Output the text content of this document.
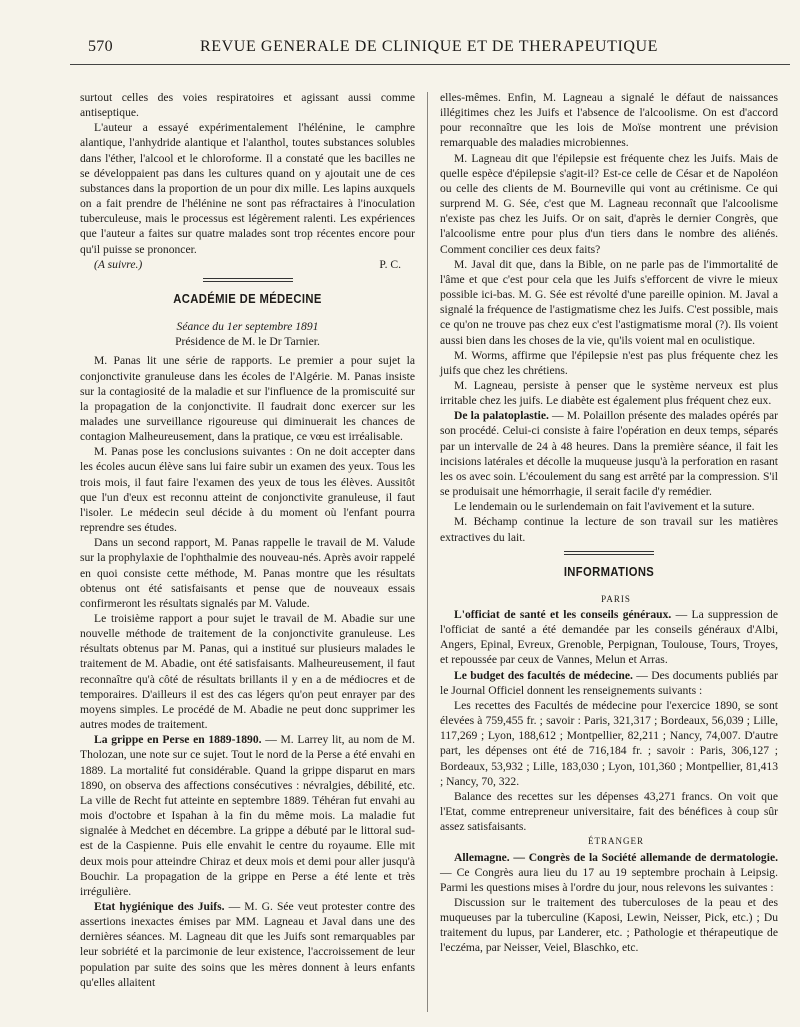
570	REVUE GENERALE DE CLINIQUE ET DE THERAPEUTIQUE

surtout celles des voies respiratoires et agissant aussi comme antiseptique.

L'auteur a essayé expérimentalement l'hélénine, le camphre alantique, l'anhydride alantique et l'alanthol, toutes substances solubles dans l'éther, l'alcool et le chloroforme. Il a constaté que les bacilles ne se développaient pas dans les cultures quand on y ajoutait une de ces substances dans la proportion de un pour dix mille. Les lapins auxquels on a fait prendre de l'hélénine ne sont pas réfractaires à l'inoculation tuberculeuse, mais le processus est légèrement ralenti. Les expériences que l'auteur a faites sur quatre malades sont trop récentes encore pour qu'il puisse se prononcer.

(A suivre.)	P. C.
ACADÉMIE DE MÉDECINE

Séance du 1er septembre 1891

Présidence de M. le Dr Tarnier.

M. Panas lit une série de rapports. Le premier a pour sujet la conjonctivite granuleuse dans les écoles de l'Algérie. M. Panas insiste sur la contagiosité de la maladie et sur l'influence de la promiscuité sur la propagation de la conjonctivite. Il faudrait donc exercer sur les malades une surveillance rigoureuse qui diminuerait les chances de contagion Malheureusement, dans la pratique, ce vœu est irréalisable.

M. Panas pose les conclusions suivantes : On ne doit accepter dans les écoles aucun élève sans lui faire subir un examen des yeux. Tous les trois mois, il faut faire l'examen des yeux de tous les élèves. Aussitôt que l'un d'eux est reconnu atteint de conjonctivite granuleuse, il faut l'isoler. Le médecin seul décide à du moment où l'enfant pourra reprendre ses études.

Dans un second rapport, M. Panas rappelle le travail de M. Valude sur la prophylaxie de l'ophthalmie des nouveau-nés. Après avoir rappelé en quoi consiste cette méthode, M. Panas montre que les résultats obtenus ont été satisfaisants et pense que de nouveaux essais confirmeront les résultats signalés par M. Valude.

Le troisième rapport a pour sujet le travail de M. Abadie sur une nouvelle méthode de traitement de la conjonctivite granuleuse. Les résultats obtenus par M. Panas, qui a institué sur plusieurs malades le traitement de M. Abadie, ont été satisfaisants. Malheureusement, il faut reconnaître qu'à côté de résultats brillants il y en a de médiocres et de temporaires. D'ailleurs il est des cas légers qu'on peut enrayer par des moyens simples. Le procédé de M. Abadie ne peut donc supprimer les autres modes de traitement.

La grippe en Perse en 1889-1890. — M. Larrey lit, au nom de M. Tholozan, une note sur ce sujet. Tout le nord de la Perse a été envahi en 1889. La mortalité fut considérable. Quand la grippe disparut en mars 1890, on observa des affections consécutives : névralgies, débilité, etc. La ville de Recht fut atteinte en septembre 1889. Téhéran fut envahi au mois d'octobre et Ispahan à la fin du même mois. La maladie fut signalée à Medchet en décembre. La grippe a débuté par le littoral sud-est de la Caspienne. Puis elle envahit le centre du royaume. Elle mit deux mois pour atteindre Chiraz et deux mois et demi pour aller jusqu'à Bouchir. La propagation de la grippe en Perse a été lente et très irrégulière.

Etat hygiénique des Juifs. — M. G. Sée veut protester contre des assertions inexactes émises par MM. Lagneau et Javal dans une des dernières séances. M. Lagneau dit que les Juifs sont remarquables par leur sobriété et la parcimonie de leur existence, l'accroissement de leur population par suite des soins que les mères donnent à leurs enfants qu'elles allaitent

elles-mêmes. Enfin, M. Lagneau a signalé le défaut de naissances illégitimes chez les Juifs et l'absence de l'alcoolisme. On est d'accord pour reconnaître que les lois de Moïse montrent une prévision remarquable des maladies microbiennes.

M. Lagneau dit que l'épilepsie est fréquente chez les Juifs. Mais de quelle espèce d'épilepsie s'agit-il? Est-ce celle de César et de Napoléon ou celle des clients de M. Bourneville qui vont au crétinisme. Ce qui surprend M. G. Sée, c'est que M. Lagneau reconnaît que l'alcoolisme n'existe pas chez les Juifs. Or on sait, d'après le dernier Congrès, que l'alcoolisme entre pour plus d'un tiers dans le nombre des aliénés. Comment concilier ces deux faits?

M. Javal dit que, dans la Bible, on ne parle pas de l'immortalité de l'âme et que c'est pour cela que les Juifs s'efforcent de vivre le mieux possible ici-bas. M. G. Sée est révolté d'une pareille opinion. M. Javal a signalé la fréquence de l'astigmatisme chez les Juifs. C'est possible, mais ce qu'on ne trouve pas chez eux c'est l'astigmatisme moral (?). Ils voient aussi bien dans les choses de la vie, qu'ils voient mal en oculistique.

M. Worms, affirme que l'épilepsie n'est pas plus fréquente chez les juifs que chez les chrétiens.

M. Lagneau, persiste à penser que le système nerveux est plus irritable chez les juifs. Le diabète est également plus fréquent chez eux.

De la palatoplastie. — M. Polaillon présente des malades opérés par son procédé. Celui-ci consiste à faire l'opération en deux temps, séparés par un intervalle de 24 à 48 heures. Dans la première séance, il fait les incisions latérales et décolle la muqueuse jusqu'à la perforation en rasant les os avec soin. L'écoulement du sang est arrêté par la compression. S'il se produisait une hémorrhagie, il serait facile d'y remédier.

Le lendemain ou le surlendemain on fait l'avivement et la suture.

M. Béchamp continue la lecture de son travail sur les matières extractives du lait.

INFORMATIONS

PARIS

L'officiat de santé et les conseils généraux. — La suppression de l'officiat de santé a été demandée par les conseils généraux d'Albi, Angers, Epinal, Evreux, Grenoble, Perpignan, Toulouse, Tours, Troyes, et repoussée par ceux de Vannes, Melun et Arras.

Le budget des facultés de médecine. — Des documents publiés par le Journal Officiel donnent les renseignements suivants :

Les recettes des Facultés de médecine pour l'exercice 1890, se sont élevées à 759,455 fr. ; savoir : Paris, 321,317 ; Bordeaux, 56,039 ; Lille, 117,269 ; Lyon, 188,612 ; Montpellier, 82,211 ; Nancy, 74,007. D'autre part, les dépenses ont été de 716,184 fr. ; savoir : Paris, 306,127 ; Bordeaux, 53,932 ; Lille, 183,030 ; Lyon, 101,360 ; Montpellier, 81,413 ; Nancy, 70, 322.

Balance des recettes sur les dépenses 43,271 francs. On voit que l'Etat, comme entrepreneur universitaire, fait des bénéfices à coup sûr assez satisfaisants.

ÉTRANGER

Allemagne. — Congrès de la Société allemande de dermatologie. — Ce Congrès aura lieu du 17 au 19 septembre prochain à Leipsig. Parmi les questions mises à l'ordre du jour, nous relevons les suivantes :

Discussion sur le traitement des tuberculoses de la peau et des muqueuses par la tuberculine (Kaposi, Lewin, Neisser, Pick, etc.) ; Du traitement du lupus, par Landerer, etc. ; Pathologie et thérapeutique de l'eczéma, par Neisser, Veiel, Blaschko, etc.
